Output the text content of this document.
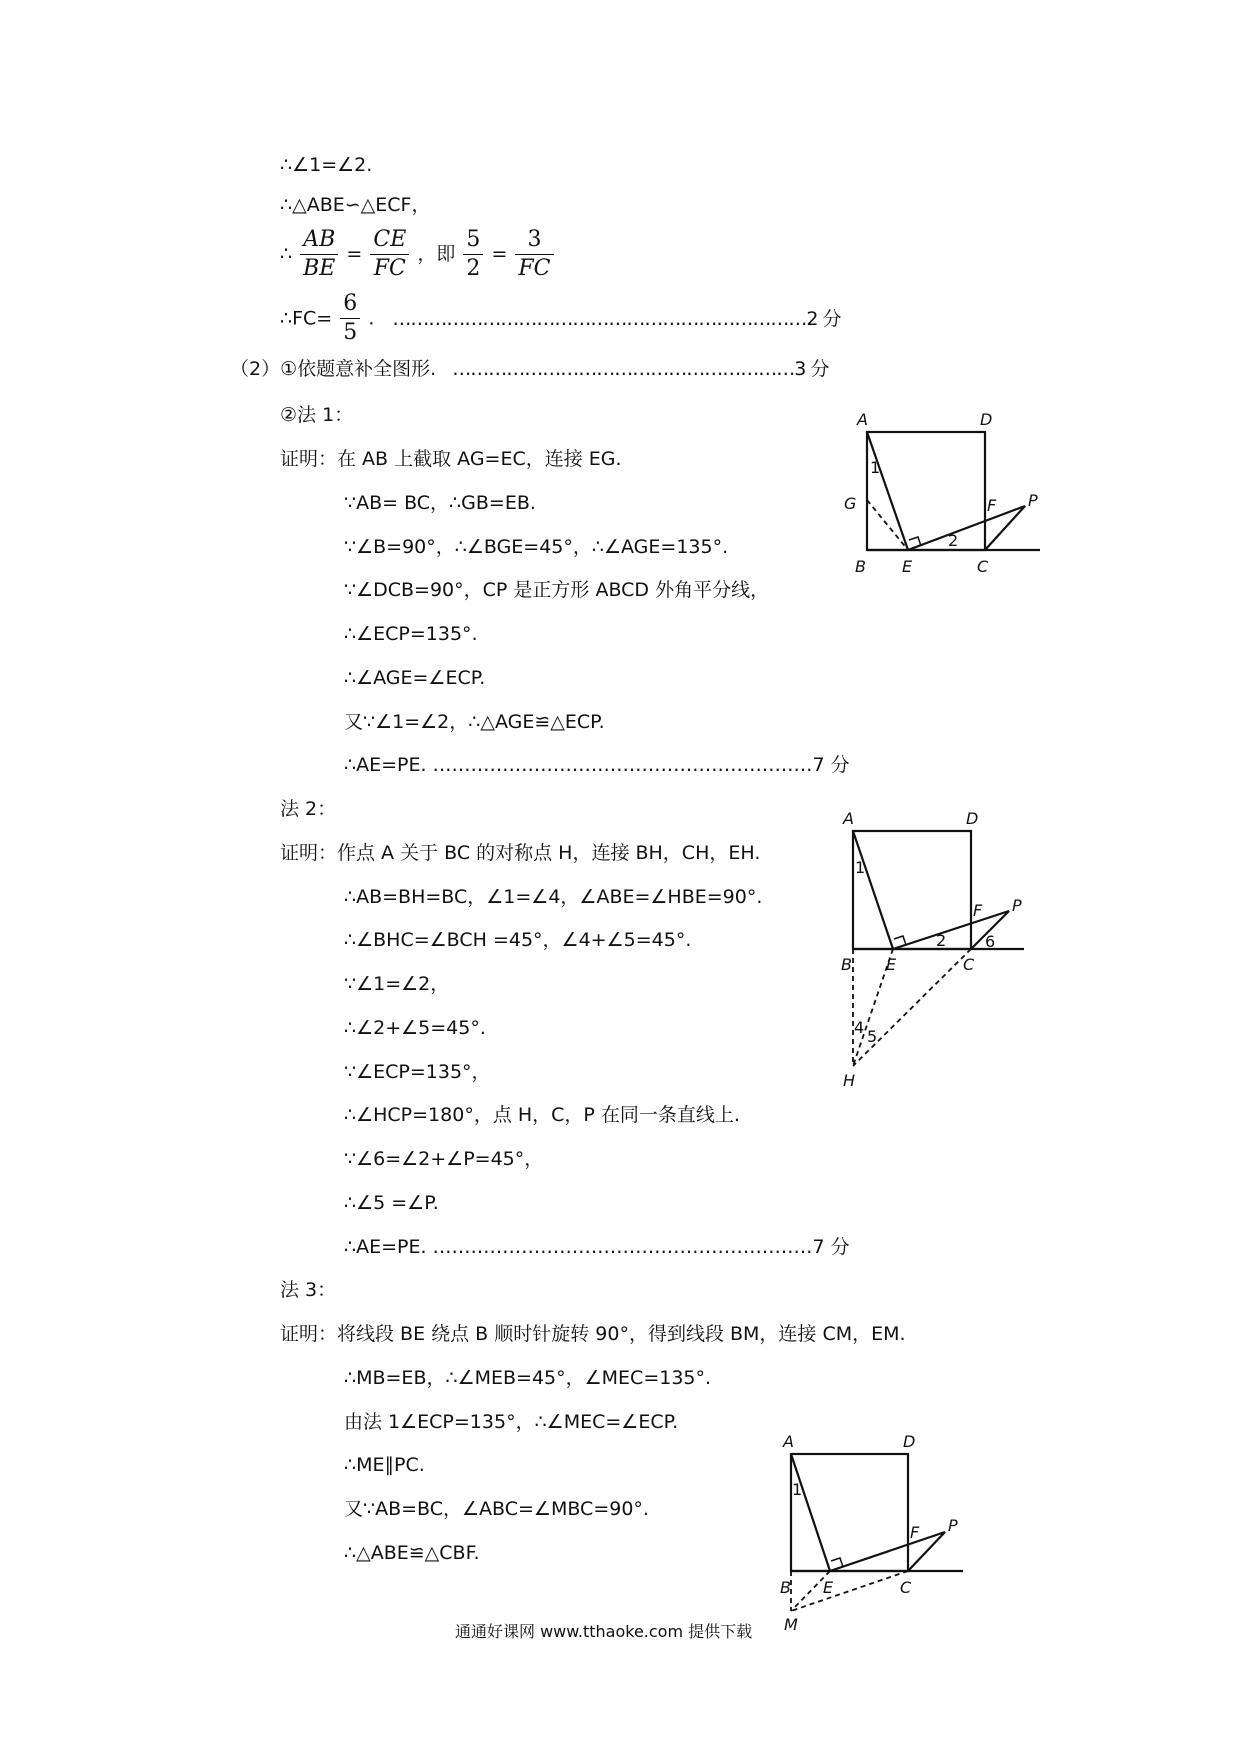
∴∠1=∠2.
∴△ABE∽△ECF，
∴ $\frac{AB}{BE} = \frac{CE}{FC}$ ，即 $\frac{5}{2} = \frac{3}{FC}$
∴FC= $\frac{6}{5}$ . ……………………………………………………………2 分
（2）①依题意补全图形. …………………………………………………3 分
②法 1：
证明：在 AB 上截取 AG=EC，连接 EG.
∵AB= BC，∴GB=EB.
∵∠B=90°，∴∠BGE=45°，∴∠AGE=135°.
∵∠DCB=90°，CP 是正方形 ABCD 外角平分线，
∴∠ECP=135°.
∴∠AGE=∠ECP.
又∵∠1=∠2，∴△AGE≌△ECP.
∴AE=PE. ……………………………………………………7 分
法 2：
证明：作点 A 关于 BC 的对称点 H，连接 BH，CH，EH.
∴AB=BH=BC，∠1=∠4，∠ABE=∠HBE=90°.
∴∠BHC=∠BCH =45°，∠4+∠5=45°.
∵∠1=∠2，
∴∠2+∠5=45°.
∵∠ECP=135°，
∴∠HCP=180°，点 H，C，P 在同一条直线上.
∵∠6=∠2+∠P=45°，
∴∠5 =∠P.
∴AE=PE. ……………………………………………………7 分
法 3：
证明：将线段 BE 绕点 B 顺时针旋转 90°，得到线段 BM，连接 CM，EM.
∴MB=EB，∴∠MEB=45°，∠MEC=135°.
由法 1∠ECP=135°，∴∠MEC=∠ECP.
∴ME∥PC.
又∵AB=BC，∠ABC=∠MBC=90°.
∴△ABE≌△CBF.
A	D
B E	C
F P
G
1
2
A	D
B E	C
F P
H
1
2
4 5
6
A	D
B E	C
F P
M
1
通通好课网 www.tthaoke.com 提供下载
